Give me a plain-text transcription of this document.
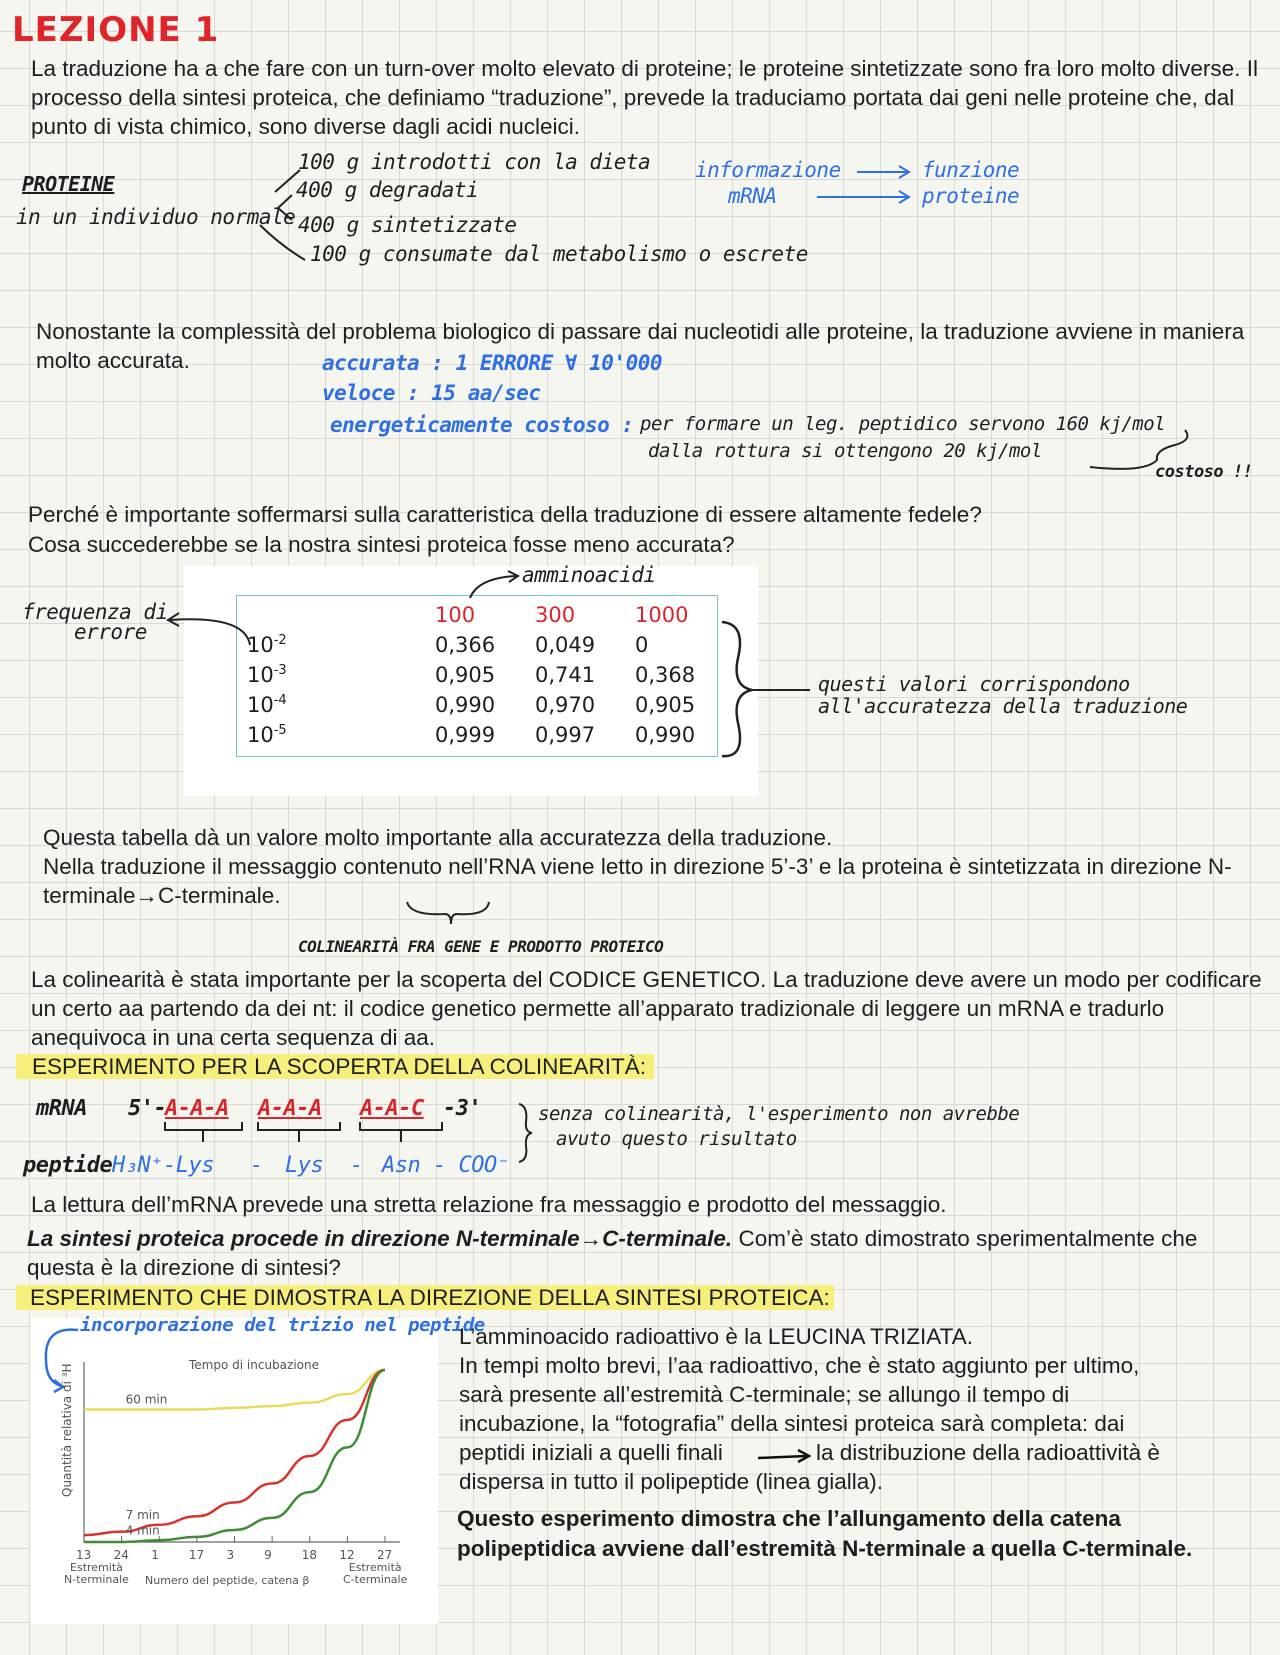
LEZIONE 1
La traduzione ha a che fare con un turn-over molto elevato di proteine; le proteine sintetizzate sono fra loro molto diverse. Il processo della sintesi proteica, che definiamo “traduzione”, prevede la traduciamo portata dai geni nelle proteine che, dal punto di vista chimico, sono diverse dagli acidi nucleici.
PROTEINE
in un individuo normale
100 g introdotti con la dieta
400 g degradati
400 g sintetizzate
100 g consumate dal metabolismo o escrete
informazione
mRNA
funzione
proteine
Nonostante la complessità del problema biologico di passare dai nucleotidi alle proteine, la traduzione avviene in maniera molto accurata.	accurata : 1 ERRORE ∀ 10'000
veloce : 15 aa/sec
energeticamente costoso : per formare un leg. peptidico servono 160 kj/mol
dalla rottura si ottengono 20 kj/mol
costoso !!
Perché è importante soffermarsi sulla caratteristica della traduzione di essere altamente fedele?
Cosa succederebbe se la nostra sintesi proteica fosse meno accurata?
	100	300	1000
$10^{-2}$	0,366	0,049	0
$10^{-3}$	0,905	0,741	0,368
$10^{-4}$	0,990	0,970	0,905
$10^{-5}$	0,999	0,997	0,990
amminoacidi
frequenza di
errore
questi valori corrispondono
all'accuratezza della traduzione
Questa tabella dà un valore molto importante alla accuratezza della traduzione.
Nella traduzione il messaggio contenuto nell’RNA viene letto in direzione 5’-3’ e la proteina è sintetizzata in direzione N-terminale→C-terminale.
COLINEARITÀ FRA GENE E PRODOTTO PROTEICO
La colinearità è stata importante per la scoperta del CODICE GENETICO. La traduzione deve avere un modo per codificare un certo aa partendo da dei nt: il codice genetico permette all’apparato tradizionale di leggere un mRNA e tradurlo anequivoca in una certa sequenza di aa.
ESPERIMENTO PER LA SCOPERTA DELLA COLINEARITÀ:
mRNA 5'-
A-A-A A-A-A A-A-C -3'	senza colinearità, l'esperimento non avrebbe
avuto questo risultato
peptide H₃N⁺-Lys - Lys - Asn - COO⁻
La lettura dell’mRNA prevede una stretta relazione fra messaggio e prodotto del messaggio.
La sintesi proteica procede in direzione N-terminale→C-terminale. Com’è stato dimostrato sperimentalmente che questa è la direzione di sintesi?
ESPERIMENTO CHE DIMOSTRA LA DIREZIONE DELLA SINTESI PROTEICA:
incorporazione del trizio nel peptide
Tempo di incubazione
Quantità relativa di ³H	60 min
7 min
4 min
13 24 1 17 3 9 18 12 27
Estremità
N-terminale Numero del peptide, catena β
Estremità
C-terminale
L’amminoacido radioattivo è la LEUCINA TRIZIATA.
In tempi molto brevi, l’aa radioattivo, che è stato aggiunto per ultimo,
sarà presente all’estremità C-terminale; se allungo il tempo di
incubazione, la “fotografia” della sintesi proteica sarà completa: dai
peptidi iniziali a quelli finali	la distribuzione della radioattività è
dispersa in tutto il polipeptide (linea gialla).
Questo esperimento dimostra che l’allungamento della catena
polipeptidica avviene dall’estremità N-terminale a quella C-terminale.
